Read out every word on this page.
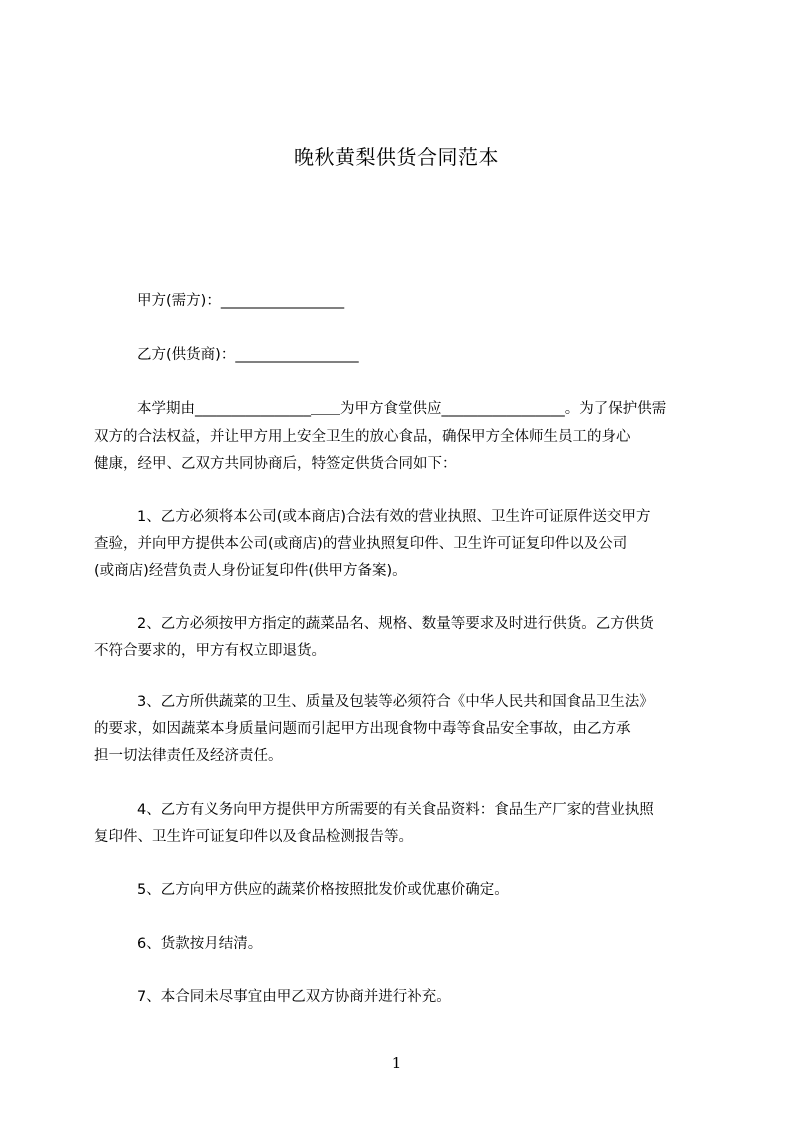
晚秋黄梨供货合同范本
甲方(需方)：_________________
乙方(供货商)：_________________
本学期由________________＿＿为甲方食堂供应_________________。为了保护供需
双方的合法权益，并让甲方用上安全卫生的放心食品，确保甲方全体师生员工的身心
健康，经甲、乙双方共同协商后，特签定供货合同如下：
1、乙方必须将本公司(或本商店)合法有效的营业执照、卫生许可证原件送交甲方
查验，并向甲方提供本公司(或商店)的营业执照复印件、卫生许可证复印件以及公司
(或商店)经营负责人身份证复印件(供甲方备案)。
2、乙方必须按甲方指定的蔬菜品名、规格、数量等要求及时进行供货。乙方供货
不符合要求的，甲方有权立即退货。
3、乙方所供蔬菜的卫生、质量及包装等必须符合《中华人民共和国食品卫生法》
的要求，如因蔬菜本身质量问题而引起甲方出现食物中毒等食品安全事故，由乙方承
担一切法律责任及经济责任。
4、乙方有义务向甲方提供甲方所需要的有关食品资料：食品生产厂家的营业执照
复印件、卫生许可证复印件以及食品检测报告等。
5、乙方向甲方供应的蔬菜价格按照批发价或优惠价确定。
6、货款按月结清。
7、本合同未尽事宜由甲乙双方协商并进行补充。
1
